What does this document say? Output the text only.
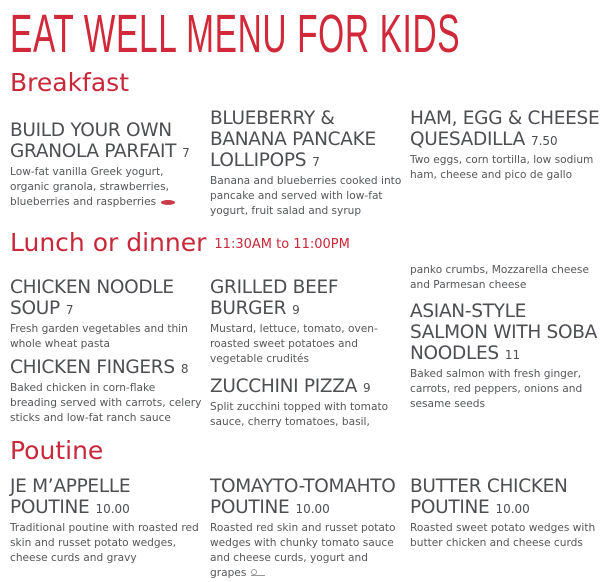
EAT WELL MENU FOR KIDS
Breakfast

BUILD YOUR OWN GRANOLA PARFAIT 7

Low-fat vanilla Greek yogurt, organic granola, strawberries, blueberries and raspberries

BLUEBERRY & BANANA PANCAKE LOLLIPOPS 7

Banana and blueberries cooked into pancake and served with low-fat yogurt, fruit salad and syrup

HAM, EGG & CHEESE QUESADILLA 7.50

Two eggs, corn tortilla, low sodium ham, cheese and pico de gallo

Lunch or dinner 11:30AM to 11:00PM

CHICKEN NOODLE SOUP 7

Fresh garden vegetables and thin whole wheat pasta

CHICKEN FINGERS 8

Baked chicken in corn-flake breading served with carrots, celery sticks and low-fat ranch sauce

GRILLED BEEF BURGER 9

Mustard, lettuce, tomato, oven-roasted sweet potatoes and vegetable crudités

ZUCCHINI PIZZA 9

Split zucchini topped with tomato sauce, cherry tomatoes, basil,

panko crumbs, Mozzarella cheese and Parmesan cheese

ASIAN-STYLE SALMON WITH SOBA NOODLES 11

Baked salmon with fresh ginger, carrots, red peppers, onions and sesame seeds

Poutine

JE M’APPELLE POUTINE 10.00

Traditional poutine with roasted red skin and russet potato wedges, cheese curds and gravy

TOMAYTO-TOMAHTO POUTINE 10.00

Roasted red skin and russet potato wedges with chunky tomato sauce and cheese curds, yogurt and grapes

BUTTER CHICKEN POUTINE 10.00

Roasted sweet potato wedges with butter chicken and cheese curds
